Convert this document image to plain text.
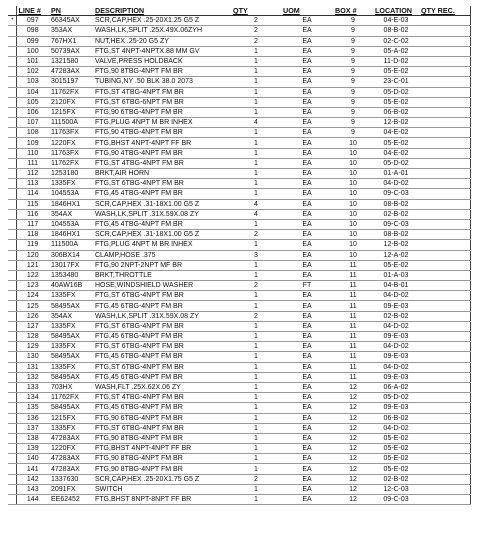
	LINE #	PN	DESCRIPTION	QTY	UOM	BOX #	LOCATION	QTY REC.
•	097	66345AX	SCR,CAP,HEX .25-20X1.25 G5 Z	2	EA	9	04-E-03	
	098	353AX	WASH,LK,SPLIT .25X.49X.06ZYH	2	EA	9	08-B-02	
	099	767HX1	NUT,HEX .25-20 G5 ZY	2	EA	9	02-C-02	
	100	50739AX	FTG,ST 4NPT-4NPTX.88 MM GV	1	EA	9	05-A-02	
	101	1321580	VALVE,PRESS HOLDBACK	1	EA	9	11-D-02	
	102	47283AX	FTG,90 8TBG-4NPT FM BR	1	EA	9	05-E-02	
	103	3015197	TUBING,NY .50 BLK 38.0 2073	1	EA	9	23-C-01	
	104	11762FX	FTG,ST 4TBG-4NPT FM BR	1	EA	9	05-D-02	
	105	2120FX	FTG,ST 6TBG-6NPT FM BR	1	EA	9	05-E-02	
	106	1215FX	FTG,90 6TBG-4NPT FM BR	1	EA	9	06-B-02	
	107	111500A	FTG,PLUG 4NPT M BR INHEX	4	EA	9	12-B-02	
	108	11763FX	FTG,90 4TBG-4NPT FM BR	1	EA	9	04-E-02	
	109	1220FX	FTG,BHST 4NPT-4NPT FF BR	1	EA	10	05-E-02	
	110	11763FX	FTG,90 4TBG-4NPT FM BR	1	EA	10	04-E-02	
	111	11762FX	FTG,ST 4TBG-4NPT FM BR	1	EA	10	05-D-02	
	112	1253180	BRKT,AIR HORN	1	EA	10	01-A-01	
	113	1335FX	FTG,ST 6TBG-4NPT FM BR	1	EA	10	04-D-02	
	114	104553A	FTG,45 4TBG-4NPT FM BR	1	EA	10	09-C-03	
	115	1846HX1	SCR,CAP,HEX .31-18X1.00 G5 Z	4	EA	10	08-B-02	
	116	354AX	WASH,LK,SPLIT .31X.59X.08 ZY	4	EA	10	02-B-02	
	117	104553A	FTG,45 4TBG-4NPT FM BR	1	EA	10	09-C-03	
	118	1846HX1	SCR,CAP,HEX .31-18X1.00 G5 Z	2	EA	10	08-B-02	
	119	111500A	FTG,PLUG 4NPT M BR INHEX	1	EA	10	12-B-02	
	120	306BX14	CLAMP,HOSE .375	3	EA	10	12-A-02	
	121	13017FX	FTG,90 2NPT-2NPT MF BR	1	EA	11	05-E-02	
	122	1353480	BRKT,THROTTLE	1	EA	11	01-A-03	
	123	40AW16B	HOSE,WINDSHIELD WASHER	2	FT	11	04-B-01	
	124	1335FX	FTG,ST 6TBG-4NPT FM BR	1	EA	11	04-D-02	
	125	58495AX	FTG,45 6TBG-4NPT FM BR	1	EA	11	09-E-03	
	126	354AX	WASH,LK,SPLIT .31X.59X.08 ZY	2	EA	11	02-B-02	
	127	1335FX	FTG,ST 6TBG-4NPT FM BR	1	EA	11	04-D-02	
	128	58495AX	FTG,45 6TBG-4NPT FM BR	1	EA	11	09-E-03	
	129	1335FX	FTG,ST 6TBG-4NPT FM BR	1	EA	11	04-D-02	
	130	58495AX	FTG,45 6TBG-4NPT FM BR	1	EA	11	09-E-03	
	131	1335FX	FTG,ST 6TBG-4NPT FM BR	1	EA	11	04-D-02	
	132	58495AX	FTG,45 6TBG-4NPT FM BR	1	EA	11	09-E-03	
	133	703HX	WASH,FLT .25X.62X.06 ZY	1	EA	12	06-A-02	
	134	11762FX	FTG,ST 4TBG-4NPT FM BR	1	EA	12	05-D-02	
	135	58495AX	FTG,45 6TBG-4NPT FM BR	1	EA	12	09-E-03	
	136	1215FX	FTG,90 6TBG-4NPT FM BR	1	EA	12	06-B-02	
	137	1335FX	FTG,ST 6TBG-4NPT FM BR	1	EA	12	04-D-02	
	138	47283AX	FTG,90 8TBG-4NPT FM BR	1	EA	12	05-E-02	
	139	1220FX	FTG,BHST 4NPT-4NPT FF BR	1	EA	12	05-E-02	
	140	47283AX	FTG,90 8TBG-4NPT FM BR	1	EA	12	05-E-02	
	141	47283AX	FTG,90 8TBG-4NPT FM BR	1	EA	12	05-E-02	
	142	1337630	SCR,CAP,HEX .25-20X1.75 G5 Z	2	EA	12	02-B-02	
	143	2091FX	SWITCH	1	EA	12	12-C-03	
	144	EE62452	FTG,BHST 8NPT-8NPT FF BR	1	EA	12	09-C-03	
